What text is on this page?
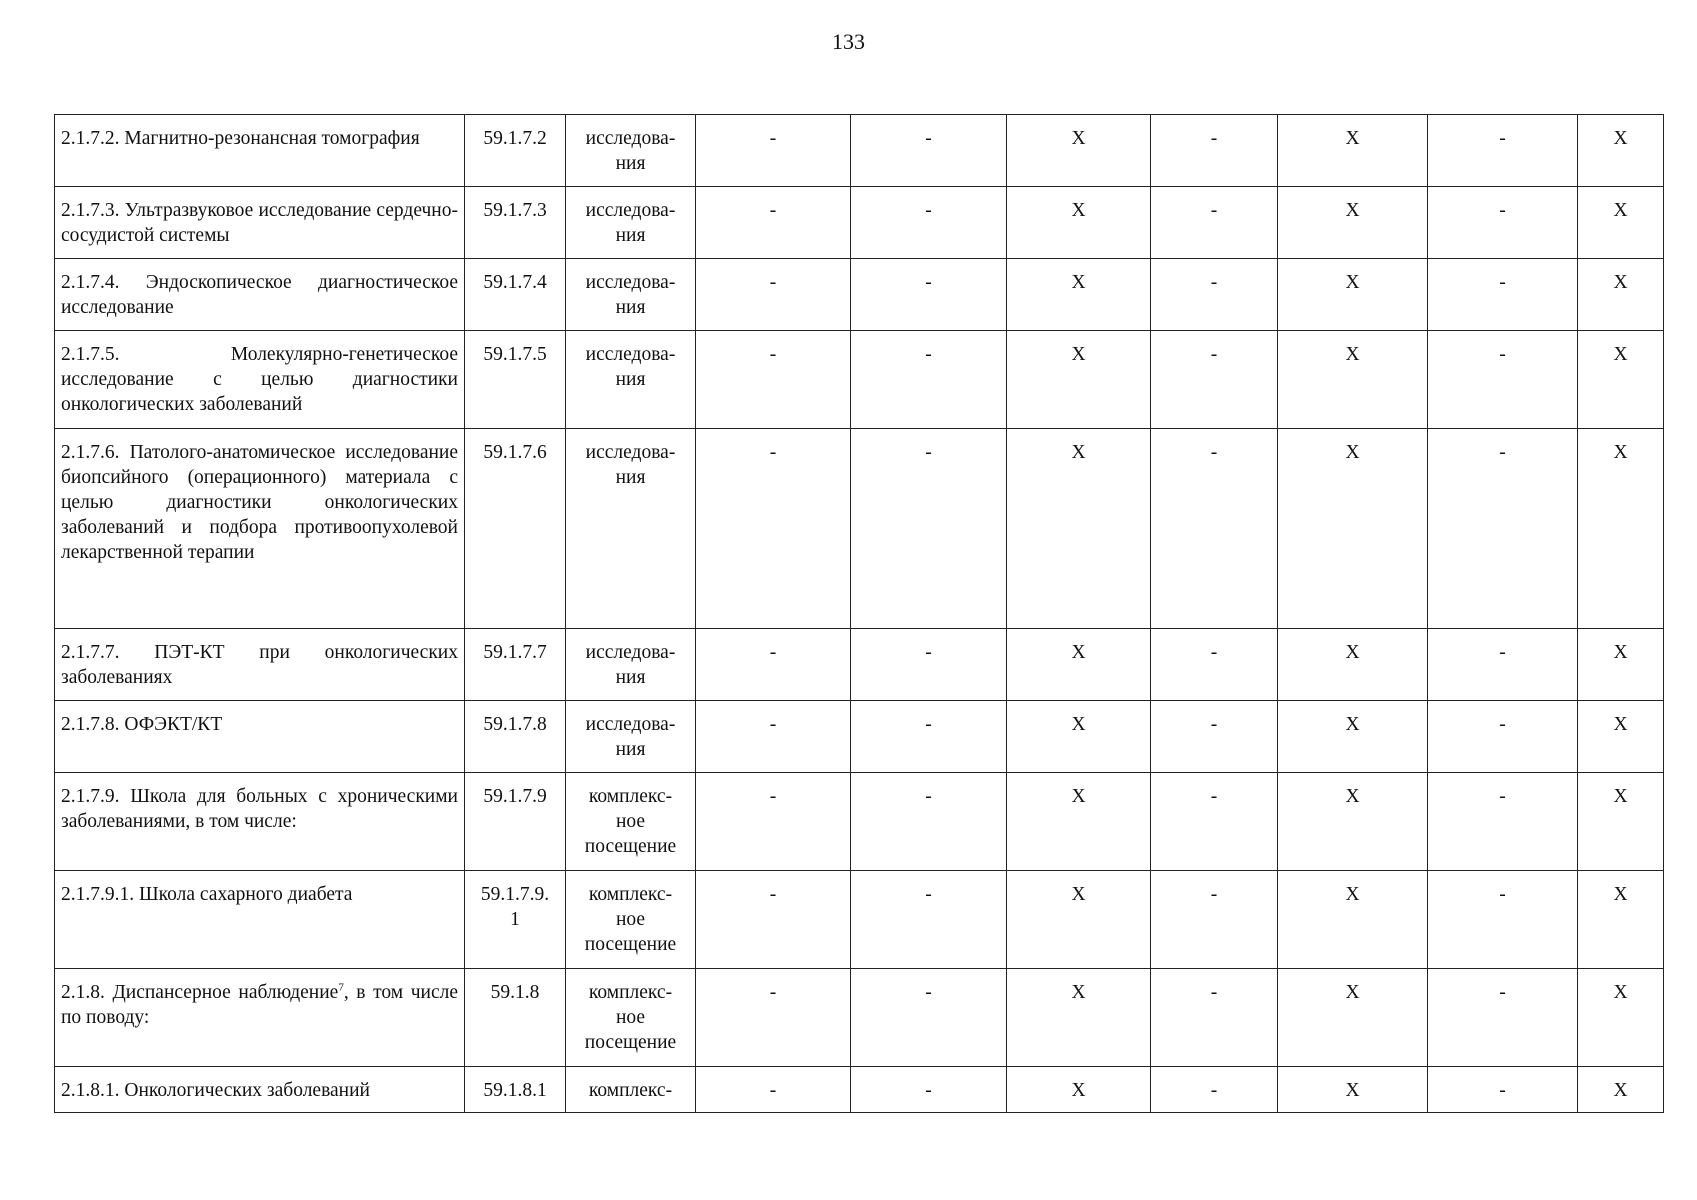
133
2.1.7.2. Магнитно-резонансная томография	59.1.7.2	исследова-
ния	-	-	X	-	X	-	X
2.1.7.3. Ультразвуковое исследование сердечно-сосудистой системы	59.1.7.3	исследова-
ния	-	-	X	-	X	-	X
2.1.7.4. Эндоскопическое диагностическое исследование	59.1.7.4	исследова-
ния	-	-	X	-	X	-	X
2.1.7.5. Молекулярно-генетическое исследование с целью диагностики онкологических заболеваний	59.1.7.5	исследова-
ния	-	-	X	-	X	-	X
2.1.7.6. Патолого-анатомическое исследование биопсийного (операционного) материала с целью диагностики онкологических заболеваний и подбора противоопухолевой лекарственной терапии	59.1.7.6	исследова-
ния	-	-	X	-	X	-	X
2.1.7.7. ПЭТ-КТ при онкологических заболеваниях	59.1.7.7	исследова-
ния	-	-	X	-	X	-	X
2.1.7.8. ОФЭКТ/КТ	59.1.7.8	исследова-
ния	-	-	X	-	X	-	X
2.1.7.9. Школа для больных с хроническими заболеваниями, в том числе:	59.1.7.9	комплекс-
ное
посещение	-	-	X	-	X	-	X
2.1.7.9.1. Школа сахарного диабета	59.1.7.9.
1	комплекс-
ное
посещение	-	-	X	-	X	-	X
2.1.8. Диспансерное наблюдение$^7$, в том числе по поводу:	59.1.8	комплекс-
ное
посещение	-	-	X	-	X	-	X
2.1.8.1. Онкологических заболеваний	59.1.8.1	комплекс-	-	-	X	-	X	-	X
